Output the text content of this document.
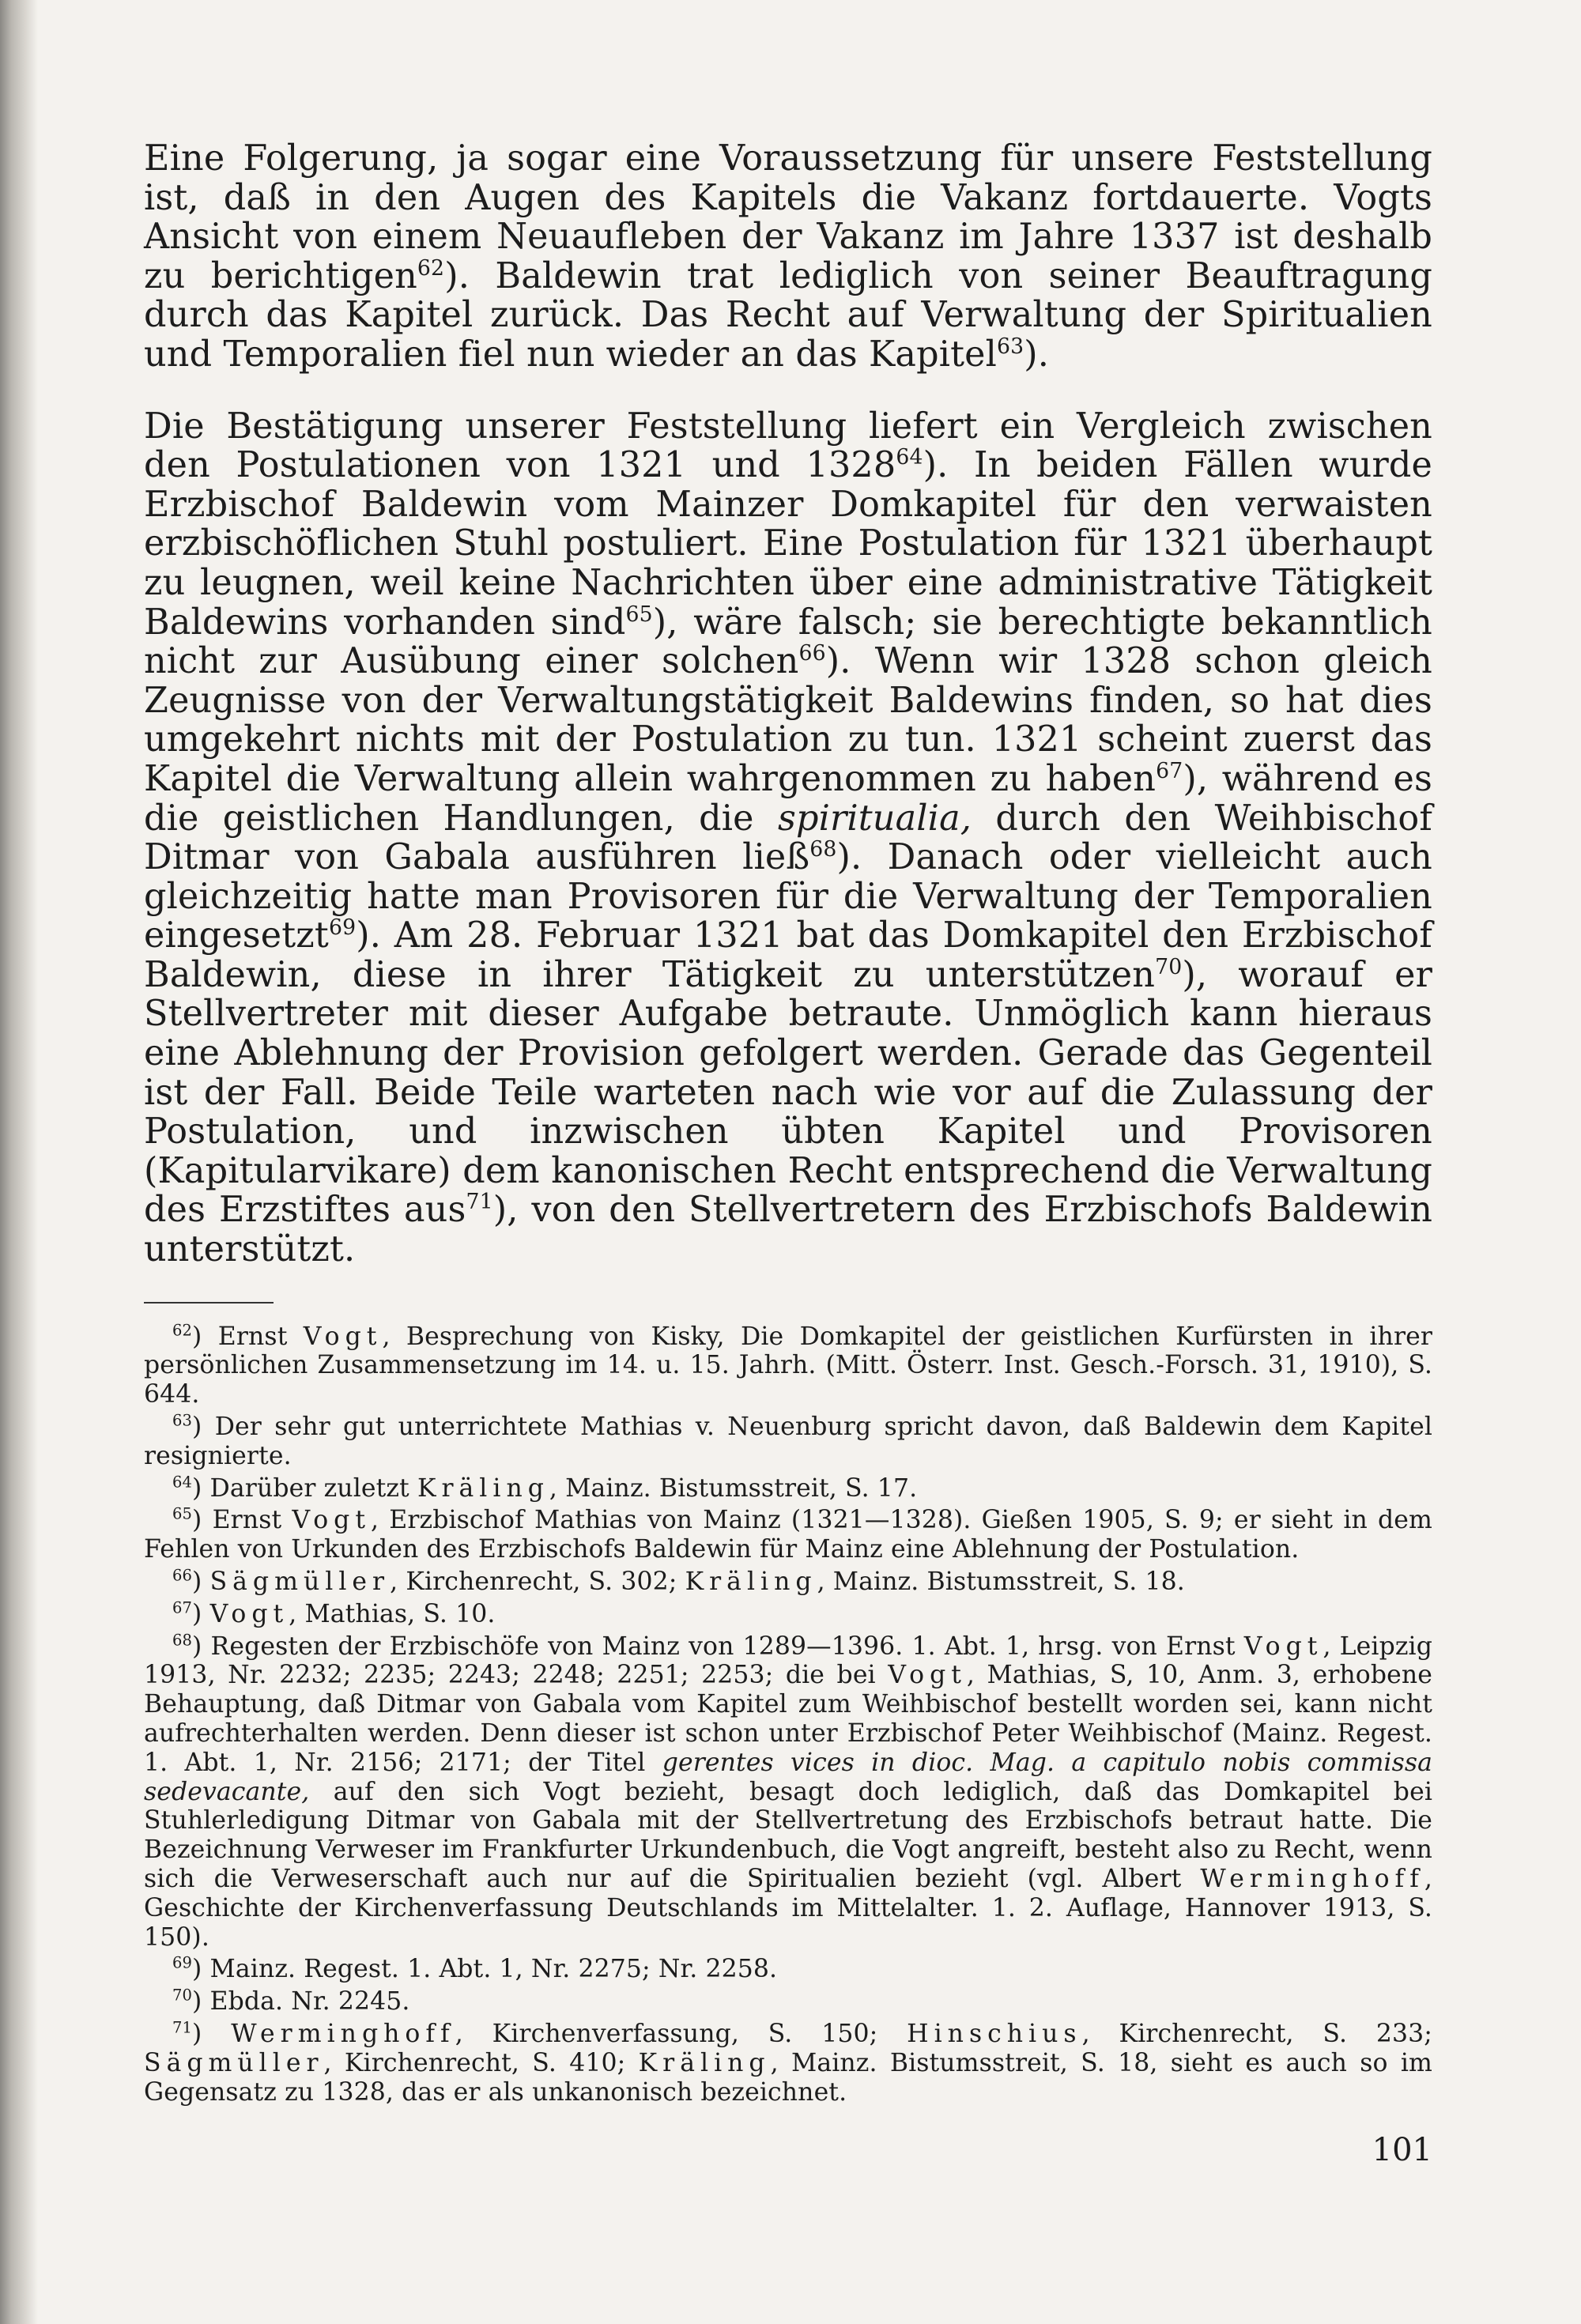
Eine Folgerung, ja sogar eine Voraussetzung für unsere Feststellung ist, daß in den Augen des Kapitels die Vakanz fortdauerte. Vogts Ansicht von einem Neuaufleben der Vakanz im Jahre 1337 ist deshalb zu berichtigen$^{62}$). Baldewin trat lediglich von seiner Beauftragung durch das Kapitel zurück. Das Recht auf Verwaltung der Spiritualien und Temporalien fiel nun wieder an das Kapitel$^{63}$).

Die Bestätigung unserer Feststellung liefert ein Vergleich zwischen den Postulationen von 1321 und 1328$^{64}$). In beiden Fällen wurde Erzbischof Baldewin vom Mainzer Domkapitel für den verwaisten erzbischöflichen Stuhl postuliert. Eine Postulation für 1321 überhaupt zu leugnen, weil keine Nachrichten über eine administrative Tätigkeit Baldewins vorhanden sind$^{65}$), wäre falsch; sie berechtigte bekanntlich nicht zur Ausübung einer solchen$^{66}$). Wenn wir 1328 schon gleich Zeugnisse von der Verwaltungstätigkeit Baldewins finden, so hat dies umgekehrt nichts mit der Postulation zu tun. 1321 scheint zuerst das Kapitel die Verwaltung allein wahrgenommen zu haben$^{67}$), während es die geistlichen Handlungen, die spiritualia, durch den Weihbischof Ditmar von Gabala ausführen ließ$^{68}$). Danach oder vielleicht auch gleichzeitig hatte man Provisoren für die Verwaltung der Temporalien eingesetzt$^{69}$). Am 28. Februar 1321 bat das Domkapitel den Erzbischof Baldewin, diese in ihrer Tätigkeit zu unterstützen$^{70}$), worauf er Stellvertreter mit dieser Aufgabe betraute. Unmöglich kann hieraus eine Ablehnung der Provision gefolgert werden. Gerade das Gegenteil ist der Fall. Beide Teile warteten nach wie vor auf die Zulassung der Postulation, und inzwischen übten Kapitel und Provisoren (Kapitularvikare) dem kanonischen Recht entsprechend die Verwaltung des Erzstiftes aus$^{71}$), von den Stellvertretern des Erzbischofs Baldewin unterstützt.

$^{62}$) Ernst Vogt, Besprechung von Kisky, Die Domkapitel der geistlichen Kurfürsten in ihrer persönlichen Zusammensetzung im 14. u. 15. Jahrh. (Mitt. Österr. Inst. Gesch.-Forsch. 31, 1910), S. 644.

$^{63}$) Der sehr gut unterrichtete Mathias v. Neuenburg spricht davon, daß Baldewin dem Kapitel resignierte.

$^{64}$) Darüber zuletzt Kräling, Mainz. Bistumsstreit, S. 17.

$^{65}$) Ernst Vogt, Erzbischof Mathias von Mainz (1321—1328). Gießen 1905, S. 9; er sieht in dem Fehlen von Urkunden des Erzbischofs Baldewin für Mainz eine Ablehnung der Postulation.

$^{66}$) Sägmüller, Kirchenrecht, S. 302; Kräling, Mainz. Bistumsstreit, S. 18.

$^{67}$) Vogt, Mathias, S. 10.

$^{68}$) Regesten der Erzbischöfe von Mainz von 1289—1396. 1. Abt. 1, hrsg. von Ernst Vogt, Leipzig 1913, Nr. 2232; 2235; 2243; 2248; 2251; 2253; die bei Vogt, Mathias, S, 10, Anm. 3, erhobene Behauptung, daß Ditmar von Gabala vom Kapitel zum Weihbischof bestellt worden sei, kann nicht aufrechterhalten werden. Denn dieser ist schon unter Erzbischof Peter Weihbischof (Mainz. Regest. 1. Abt. 1, Nr. 2156; 2171; der Titel gerentes vices in dioc. Mag. a capitulo nobis commissa sedevacante, auf den sich Vogt bezieht, besagt doch lediglich, daß das Domkapitel bei Stuhlerledigung Ditmar von Gabala mit der Stellvertretung des Erzbischofs betraut hatte. Die Bezeichnung Verweser im Frankfurter Urkundenbuch, die Vogt angreift, besteht also zu Recht, wenn sich die Verweserschaft auch nur auf die Spiritualien bezieht (vgl. Albert Werminghoff, Geschichte der Kirchenverfassung Deutschlands im Mittelalter. 1. 2. Auflage, Hannover 1913, S. 150).

$^{69}$) Mainz. Regest. 1. Abt. 1, Nr. 2275; Nr. 2258.

$^{70}$) Ebda. Nr. 2245.

$^{71}$) Werminghoff, Kirchenverfassung, S. 150; Hinschius, Kirchenrecht, S. 233; Sägmüller, Kirchenrecht, S. 410; Kräling, Mainz. Bistumsstreit, S. 18, sieht es auch so im Gegensatz zu 1328, das er als unkanonisch bezeichnet.

101
